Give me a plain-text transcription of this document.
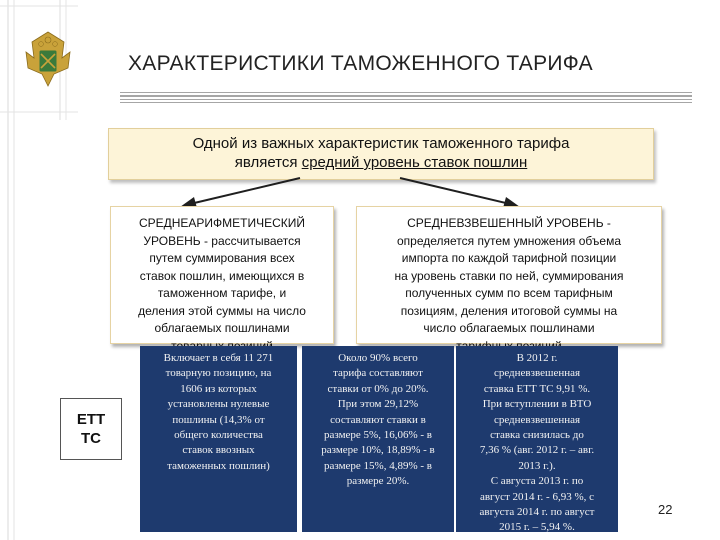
ХАРАКТЕРИСТИКИ ТАМОЖЕННОГО ТАРИФА
Одной из важных характеристик таможенного тарифа
является средний уровень ставок пошлин
СРЕДНЕАРИФМЕТИЧЕСКИЙ
УРОВЕНЬ - рассчитывается
путем суммирования всех
ставок пошлин, имеющихся в
таможенном тарифе, и
деления этой суммы на число
облагаемых пошлинами
СРЕДНЕВЗВЕШЕННЫЙ УРОВЕНЬ -
определяется путем умножения объема
импорта по каждой тарифной позиции
на уровень ставки по ней, суммирования
полученных сумм по всем тарифным
позициям, деления итоговой суммы на
число облагаемых пошлинами
ЕТТ
ТС
Включает в себя 11 271
товарную позицию, на
1606 из которых
установлены нулевые
пошлины (14,3% от
общего количества
ставок ввозных
таможенных пошлин)
Около 90% всего
тарифа составляют
ставки от 0% до 20%.
При этом 29,12%
составляют ставки в
размере 5%, 16,06% - в
размере 10%, 18,89% - в
размере 15%, 4,89% - в
размере 20%.
В 2012 г.
средневзвешенная
ставка ЕТТ ТС 9,91 %.
При вступлении в ВТО
средневзвешенная
ставка снизилась до
7,36 % (авг. 2012 г. – авг.
2013 г.).
С августа 2013 г. по
август 2014 г. - 6,93 %, с
августа 2014 г. по август
2015 г. – 5,94 %.
22
